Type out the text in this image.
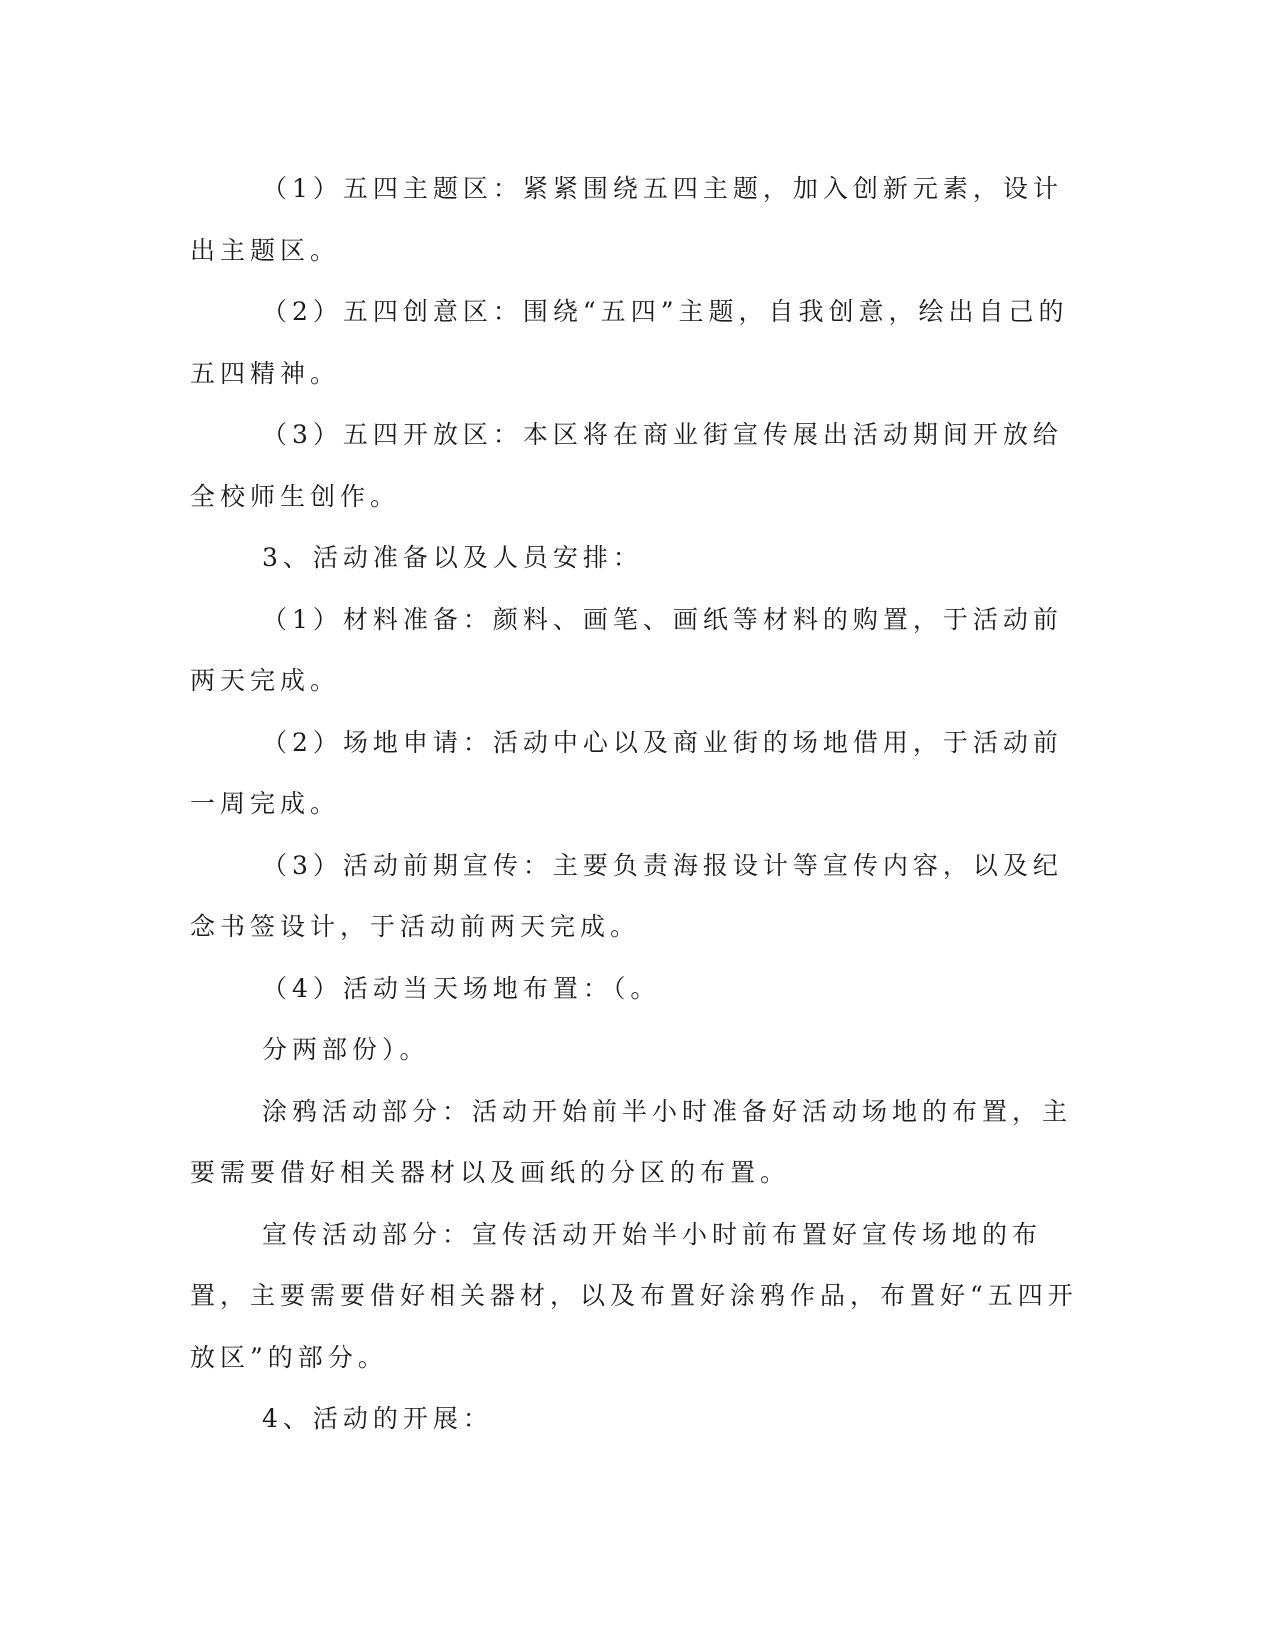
（1）五四主题区：紧紧围绕五四主题，加入创新元素，设计出主题区。

（2）五四创意区：围绕“五四”主题，自我创意，绘出自己的五四精神。

（3）五四开放区：本区将在商业街宣传展出活动期间开放给全校师生创作。

3、活动准备以及人员安排：

（1）材料准备：颜料、画笔、画纸等材料的购置，于活动前两天完成。

（2）场地申请：活动中心以及商业街的场地借用，于活动前一周完成。

（3）活动前期宣传：主要负责海报设计等宣传内容，以及纪念书签设计，于活动前两天完成。

（4）活动当天场地布置：（。

分两部份）。

涂鸦活动部分：活动开始前半小时准备好活动场地的布置，主要需要借好相关器材以及画纸的分区的布置。

宣传活动部分：宣传活动开始半小时前布置好宣传场地的布置，主要需要借好相关器材，以及布置好涂鸦作品，布置好“五四开放区”的部分。

4、活动的开展：
